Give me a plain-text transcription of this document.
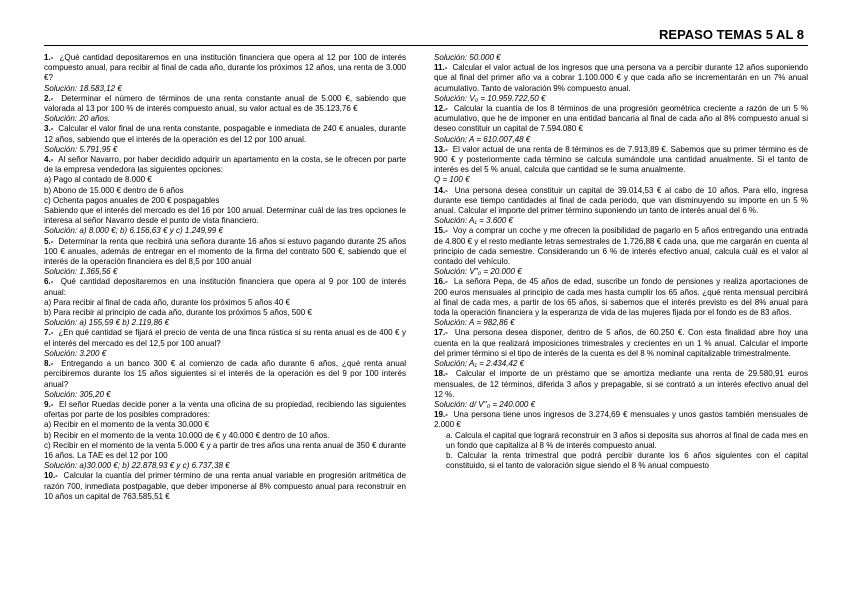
REPASO TEMAS 5 AL 8

1.- ¿Qué cantidad depositaremos en una institución financiera que opera al 12 por 100 de interés compuesto anual, para recibir al final de cada año, durante los próximos 12 años, una renta de 3.000 €?

Solución: 18.583,12 €

2.- Determinar el número de términos de una renta constante anual de 5.000 €, sabiendo que valorada al 13 por 100 % de interés compuesto anual, su valor actual es de 35.123,76 €

Solución: 20 años.

3.- Calcular el valor final de una renta constante, pospagable e inmediata de 240 € anuales, durante 12 años, sabiendo que el interés de la operación es del 12 por 100 anual.

Solución: 5.791,95 €

4.- Al señor Navarro, por haber decidido adquirir un apartamento en la costa, se le ofrecen por parte de la empresa vendedora las siguientes opciones:

a) Pago al contado de 8.000 €

b) Abono de 15.000 € dentro de 6 años

c) Ochenta pagos anuales de 200 € pospagables

Sabiendo que el interés del mercado es del 16 por 100 anual. Determinar cuál de las tres opciones le interesa al señor Navarro desde el punto de vista financiero.

Solución: a) 8.000 €; b) 6.156,63 € y c) 1.249,99 €

5.- Determinar la renta que recibirá una señora durante 16 años si estuvo pagando durante 25 años 100 € anuales, además de entregar en el momento de la firma del contrato 500 €, sabiendo que el interés de la operación financiera es del 8,5 por 100 anual

Solución: 1.365,56 €

6.- Qué cantidad depositaremos en una institución financiera que opera al 9 por 100 de interés anual:

a) Para recibir al final de cada año, durante los próximos 5 años 40 €

b) Para recibir al principio de cada año, durante los próximos 5 años, 500 €

Solución: a) 155,59 € b) 2.119,86 €

7.- ¿En qué cantidad se fijará el precio de venta de una finca rústica si su renta anual es de 400 € y el interés del mercado es del 12,5 por 100 anual?

Solución: 3.200 €

8.- Entregando a un banco 300 € al comienzo de cada año durante 6 años, ¿qué renta anual percibiremos durante los 15 años siguientes si el interés de la operación es del 9 por 100 interés anual?

Solución: 305,20 €

9.- El señor Ruedas decide poner a la venta una oficina de su propiedad, recibiendo las siguientes ofertas por parte de los posibles compradores:

a) Recibir en el momento de la venta 30.000 €

b) Recibir en el momento de la venta 10.000 de € y 40.000 € dentro de 10 años.

c) Recibir en el momento de la venta 5.000 € y a partir de tres años una renta anual de 350 € durante 16 años. La TAE es del 12 por 100

Solución: a)30.000 €; b) 22.878,93 € y c) 6.737,38 €

10.- Calcular la cuantía del primer término de una renta anual variable en progresión aritmética de razón 700, inmediata postpagable, que deber imponerse al 8% compuesto anual para reconstruir en 10 años un capital de 763.585,51 €

Solución: 50.000 €

11.- Calcular el valor actual de los ingresos que una persona va a percibir durante 12 años suponiendo que al final del primer año va a cobrar 1.100.000 € y que cada año se incrementarán en un 7% anual acumulativo. Tanto de valoración 9% compuesto anual.

Solución: V₀ = 10.959.722,50 €

12.- Calcular la cuantía de los 8 términos de una progresión geométrica creciente a razón de un 5 % acumulativo, que he de imponer en una entidad bancaria al final de cada año al 8% compuesto anual si deseo constituir un capital de 7.594.080 €

Solución: A = 610.007,48 €

13.- El valor actual de una renta de 8 términos es de 7.913,89 €. Sabemos que su primer término es de 900 € y posteriormente cada término se calcula sumándole una cantidad anualmente. Si el tanto de interés es del 5 % anual, calcula que cantidad se le suma anualmente.

Q = 100 €

14.- Una persona desea constituir un capital de 39.014,53 € al cabo de 10 años. Para ello, ingresa durante ese tiempo cantidades al final de cada periodo, que van disminuyendo su importe en un 5 % anual. Calcular el importe del primer término suponiendo un tanto de interés anual del 6 %.

Solución: A₁ = 3.600 €

15.- Voy a comprar un coche y me ofrecen la posibilidad de pagarlo en 5 años entregando una entrada de 4.800 € y el resto mediante letras semestrales de 1.726,88 € cada una, que me cargarán en cuenta al principio de cada semestre. Considerando un 6 % de interés efectivo anual, calcula cuál es el valor al contado del vehículo.

Solución: V''₀ = 20.000 €

16.- La señora Pepa, de 45 años de edad, suscribe un fondo de pensiones y realiza aportaciones de 200 euros mensuales al principio de cada mes hasta cumplir los 65 años. ¿qué renta mensual percibirá al final de cada mes, a partir de los 65 años, si sabemos que el interés previsto es del 8% anual para toda la operación financiera y la esperanza de vida de las mujeres fijada por el fondo es de 83 años.

Solución: A = 982,86 €

17.- Una persona desea disponer, dentro de 5 años, de 60.250 €. Con esta finalidad abre hoy una cuenta en la que realizará imposiciones trimestrales y crecientes en un 1 % anual. Calcular el importe del primer término si el tipo de interés de la cuenta es del 8 % nominal capitalizable trimestralmente.

Solución: A₁ = 2.434,42 €

18.- Calcular el importe de un préstamo que se amortiza mediante una renta de 29.580,91 euros mensuales, de 12 términos, diferida 3 años y prepagable, si se contrató a un interés efectivo anual del 12 %.

Solución: d/ V''₀ = 240.000 €

19.- Una persona tiene unos ingresos de 3.274,69 € mensuales y unos gastos también mensuales de 2.000 €

a. Calcula el capital que logrará reconstruir en 3 años si deposita sus ahorros al final de cada mes en un fondo que capitaliza al 8 % de interés compuesto anual.

b. Calcular la renta trimestral que podrá percibir durante los 6 años siguientes con el capital constituido, si el tanto de valoración sigue siendo el 8 % anual compuesto
